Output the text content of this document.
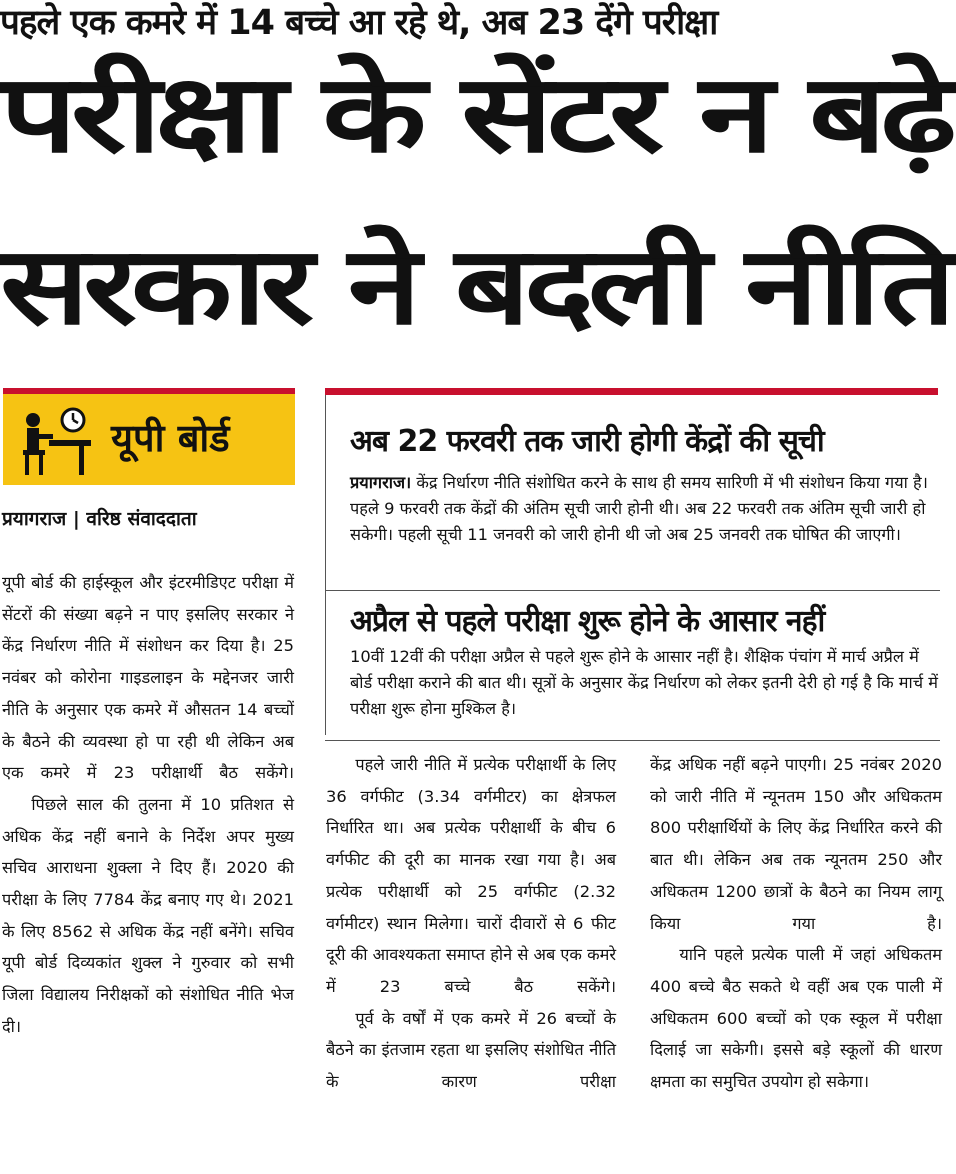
पहले एक कमरे में 14 बच्चे आ रहे थे, अब 23 देंगे परीक्षा
परीक्षा के सेंटर न बढ़े
सरकार ने बदली नीति
यूपी बोर्ड
प्रयागराज | वरिष्ठ संवाददाता

यूपी बोर्ड की हाईस्कूल और इंटरमीडिएट परीक्षा में सेंटरों की संख्या बढ़ने न पाए इसलिए सरकार ने केंद्र निर्धारण नीति में संशोधन कर दिया है। 25 नवंबर को कोरोना गाइडलाइन के मद्देनजर जारी नीति के अनुसार एक कमरे में औसतन 14 बच्चों के बैठने की व्यवस्था हो पा रही थी लेकिन अब एक कमरे में 23 परीक्षार्थी बैठ सकेंगे।

पिछले साल की तुलना में 10 प्रतिशत से अधिक केंद्र नहीं बनाने के निर्देश अपर मुख्य सचिव आराधना शुक्ला ने दिए हैं। 2020 की परीक्षा के लिए 7784 केंद्र बनाए गए थे। 2021 के लिए 8562 से अधिक केंद्र नहीं बनेंगे। सचिव यूपी बोर्ड दिव्यकांत शुक्ल ने गुरुवार को सभी जिला विद्यालय निरीक्षकों को संशोधित नीति भेज दी।

अब 22 फरवरी तक जारी होगी केंद्रों की सूची
प्रयागराज। केंद्र निर्धारण नीति संशोधित करने के साथ ही समय सारिणी में भी संशोधन किया गया है। पहले 9 फरवरी तक केंद्रों की अंतिम सूची जारी होनी थी। अब 22 फरवरी तक अंतिम सूची जारी हो सकेगी। पहली सूची 11 जनवरी को जारी होनी थी जो अब 25 जनवरी तक घोषित की जाएगी।
अप्रैल से पहले परीक्षा शुरू होने के आसार नहीं
10वीं 12वीं की परीक्षा अप्रैल से पहले शुरू होने के आसार नहीं है। शैक्षिक पंचांग में मार्च अप्रैल में बोर्ड परीक्षा कराने की बात थी। सूत्रों के अनुसार केंद्र निर्धारण को लेकर इतनी देरी हो गई है कि मार्च में परीक्षा शुरू होना मुश्किल है।

पहले जारी नीति में प्रत्येक परीक्षार्थी के लिए 36 वर्गफीट (3.34 वर्गमीटर) का क्षेत्रफल निर्धारित था। अब प्रत्येक परीक्षार्थी के बीच 6 वर्गफीट की दूरी का मानक रखा गया है। अब प्रत्येक परीक्षार्थी को 25 वर्गफीट (2.32 वर्गमीटर) स्थान मिलेगा। चारों दीवारों से 6 फीट दूरी की आवश्यकता समाप्त होने से अब एक कमरे में 23 बच्चे बैठ सकेंगे।

पूर्व के वर्षों में एक कमरे में 26 बच्चों के बैठने का इंतजाम रहता था इसलिए संशोधित नीति के कारण परीक्षा

केंद्र अधिक नहीं बढ़ने पाएगी। 25 नवंबर 2020 को जारी नीति में न्यूनतम 150 और अधिकतम 800 परीक्षार्थियों के लिए केंद्र निर्धारित करने की बात थी। लेकिन अब तक न्यूनतम 250 और अधिकतम 1200 छात्रों के बैठने का नियम लागू किया गया है।

यानि पहले प्रत्येक पाली में जहां अधिकतम 400 बच्चे बैठ सकते थे वहीं अब एक पाली में अधिकतम 600 बच्चों को एक स्कूल में परीक्षा दिलाई जा सकेगी। इससे बड़े स्कूलों की धारण क्षमता का समुचित उपयोग हो सकेगा।
